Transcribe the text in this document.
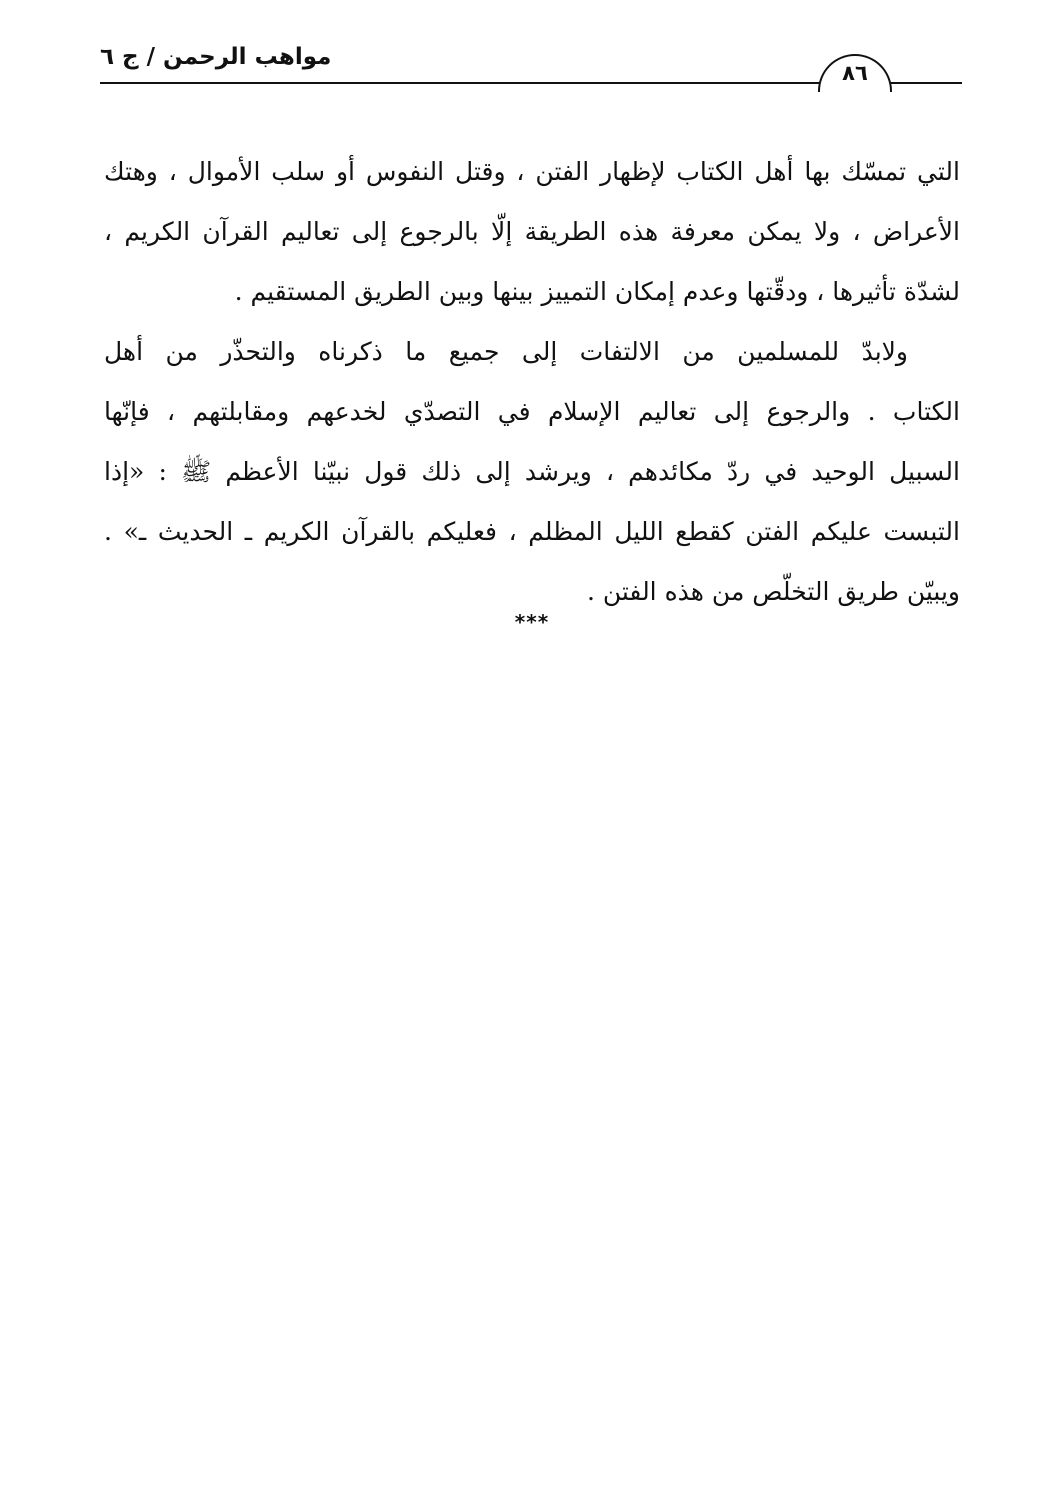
مواهب الرحمن / ج ٦
٨٦
التي تمسّك بها أهل الكتاب لإظهار الفتن ، وقتل النفوس أو سلب الأموال ، وهتك
الأعراض ، ولا يمكن معرفة هذه الطريقة إلّا بالرجوع إلى تعاليم القرآن الكريم ،
لشدّة تأثيرها ، ودقّتها وعدم إمكان التمييز بينها وبين الطريق المستقيم .
ولابدّ للمسلمين من الالتفات إلى جميع ما ذكرناه والتحذّر من أهل
الكتاب . والرجوع إلى تعاليم الإسلام في التصدّي لخدعهم ومقابلتهم ، فإنّها
السبيل الوحيد في ردّ مكائدهم ، ويرشد إلى ذلك قول نبيّنا الأعظم ﷺ : «إذا
التبست عليكم الفتن كقطع الليل المظلم ، فعليكم بالقرآن الكريم ـ الحديث ـ» .
ويبيّن طريق التخلّص من هذه الفتن .
***
